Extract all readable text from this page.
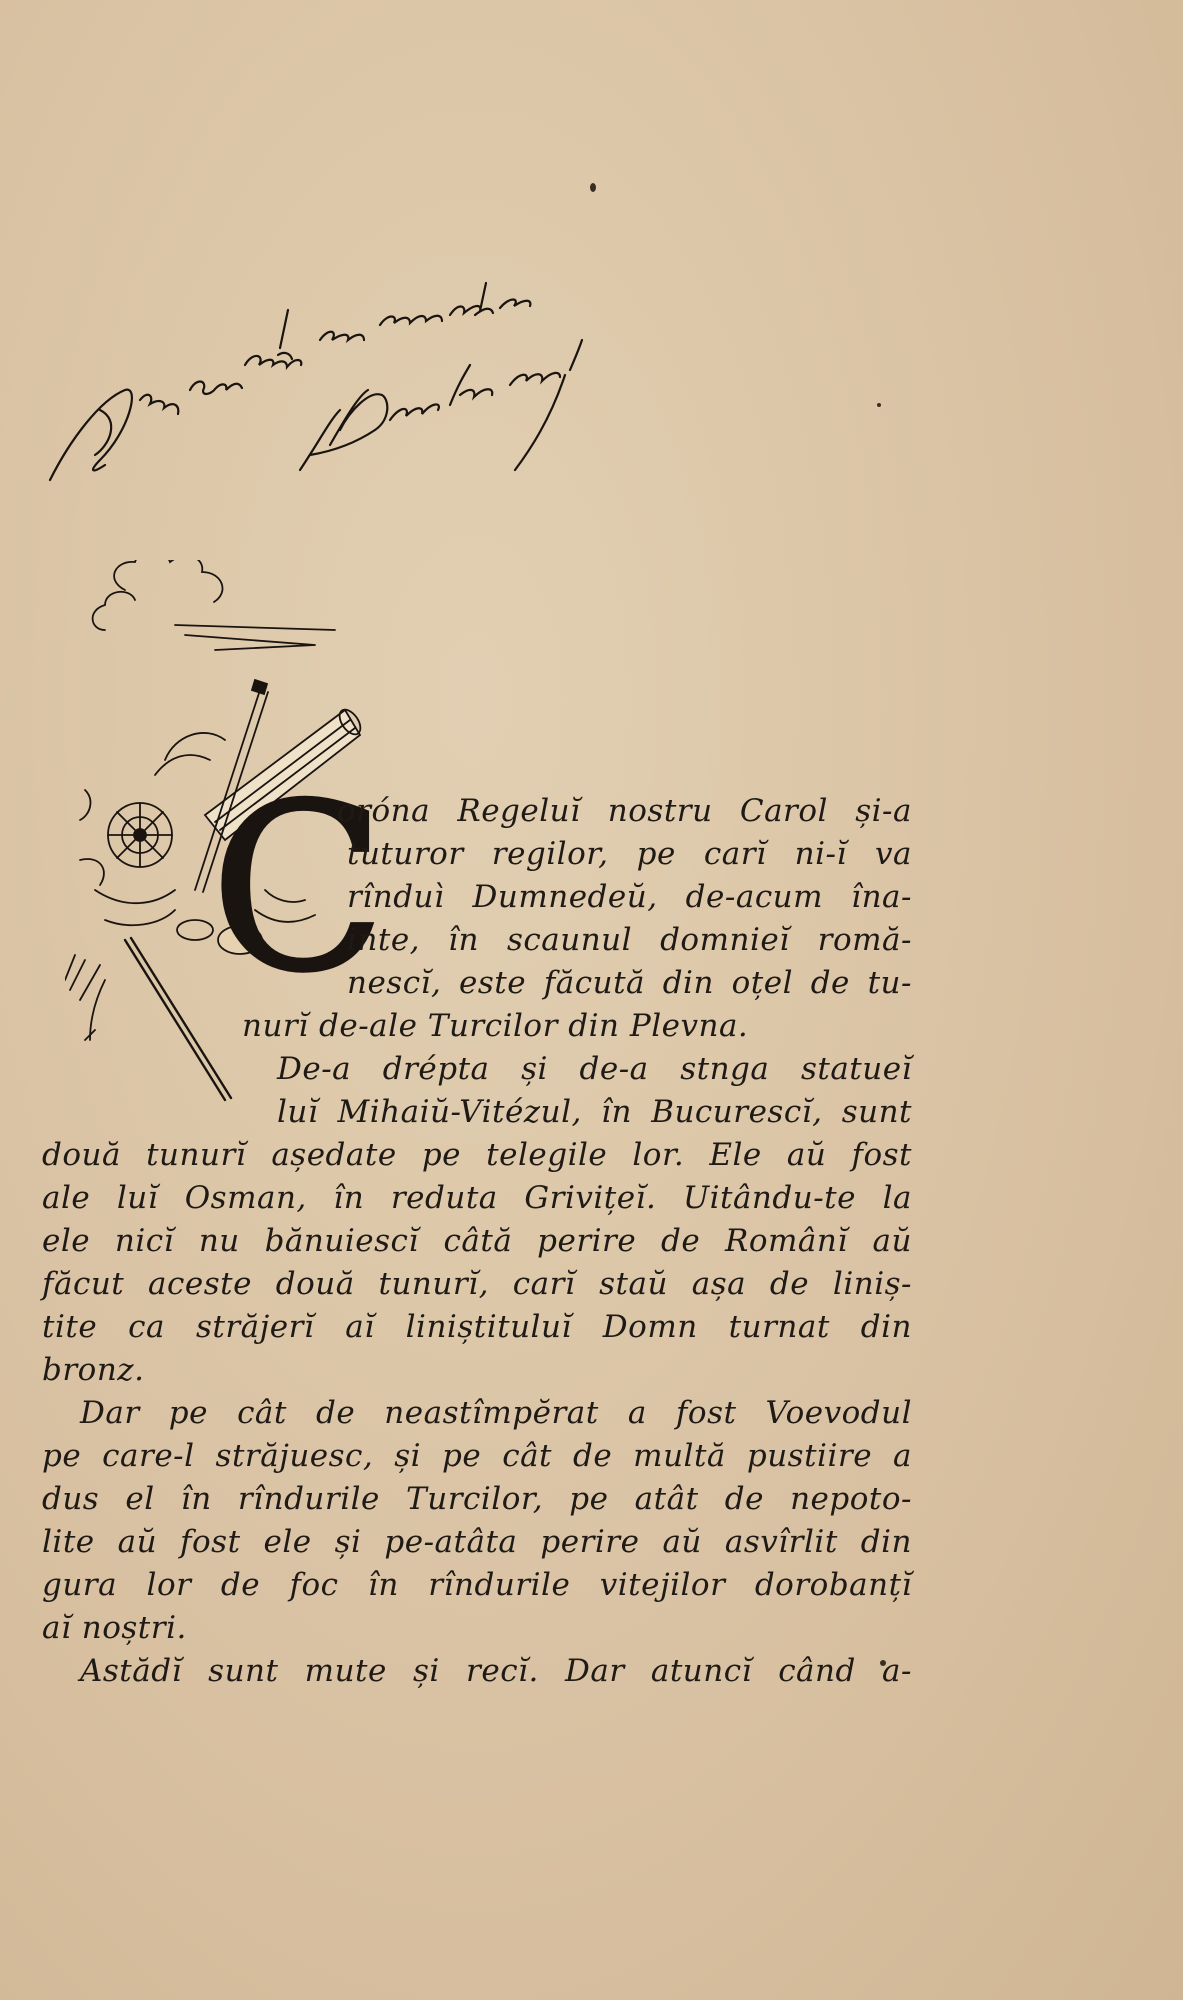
C
oróna Regeluĭ nostru Carol și-a
tuturor regilor, pe carĭ ni-ĭ va
rînduì Dumnedeŭ, de-acum îna-
inte, în scaunul domnieĭ romă-
nescĭ, este făcută din oțel de tu-
nurĭ de-ale Turcilor din Plevna.
De-a drépta și de-a stnga statueĭ
luĭ Mihaiŭ-Vitézul, în Bucurescĭ, sunt
două tunurĭ aședate pe telegile lor. Ele aŭ fost
ale luĭ Osman, în reduta Grivițeĭ. Uitându-te la
ele nicĭ nu bănuiescĭ câtă perire de Românĭ aŭ
făcut aceste două tunurĭ, carĭ staŭ așa de liniș-
tite ca străjerĭ aĭ liniștituluĭ Domn turnat din
bronz.
Dar pe cât de neastîmpĕrat a fost Voevodul
pe care-l străjuesc, și pe cât de multă pustiire a
dus el în rîndurile Turcilor, pe atât de nepoto-
lite aŭ fost ele și pe-atâta perire aŭ asvîrlit din
gura lor de foc în rîndurile vitejilor dorobanțĭ
aĭ noștri.
Astădĭ sunt mute și recĭ. Dar atuncĭ când a-
